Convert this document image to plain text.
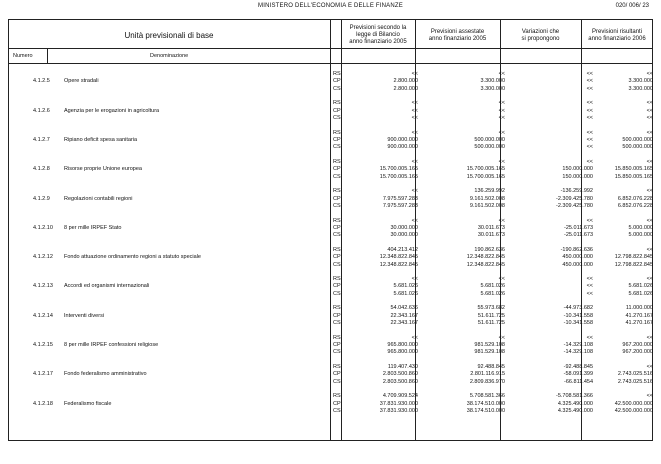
MINISTERO DELL'ECONOMIA E DELLE FINANZE	020/ 006/ 23
Unità previsionali di base
Numero	Denominazione
Previsioni secondo la
legge di Bilancio
anno finanziario 2005
Previsioni assestate
anno finanziario 2005
Variazioni che
si propongono
Previsioni risultanti
anno finanziario 2006
4.1.2.5	Opere stradali
RS	<<	<<	<<	<<
CP	2.800.000	3.300.000	<<	3.300.000
CS	2.800.000	3.300.000	<<	3.300.000
4.1.2.6	Agenzia per le erogazioni in agricoltura
RS	<<	<<	<<	<<
CP	<<	<<	<<	<<
CS	<<	<<	<<	<<
4.1.2.7	Ripiano deficit spesa sanitaria
RS	<<	<<	<<	<<
CP	900.000.000	500.000.000	<<	500.000.000
CS	900.000.000	500.000.000	<<	500.000.000
4.1.2.8	Risorse proprie Unione europea
RS	<<	<<	<<	<<
CP	15.700.005.165	15.700.005.165	150.000.000	15.850.005.165
CS	15.700.005.165	15.700.005.165	150.000.000	15.850.005.165
4.1.2.9	Regolazioni contabili regioni
RS	<<	136.259.992	-136.259.992	<<
CP	7.975.597.283	9.161.502.008	-2.309.425.780	6.852.076.228
CS	7.975.597.283	9.161.502.008	-2.309.425.780	6.852.076.228
4.1.2.10 8 per mille IRPEF Stato
RS	<<	<<	<<	<<
CP	30.000.000	30.011.673	-25.011.673	5.000.000
CS	30.000.000	30.011.673	-25.011.673	5.000.000
4.1.2.12 Fondo attuazione ordinamento regioni a statuto speciale
RS	404.213.412	190.862.636	-190.862.636	<<
CP	12.348.822.845	12.348.822.845	450.000.000	12.798.822.845
CS	12.348.822.845	12.348.822.845	450.000.000	12.798.822.845
4.1.2.13 Accordi ed organismi internazionali
RS	<<	<<	<<	<<
CP	5.681.026	5.681.026	<<	5.681.026
CS	5.681.026	5.681.026	<<	5.681.026
4.1.2.14 Interventi diversi
RS	54.042.636	55.973.682	-44.973.682	11.000.000
CP	22.343.167	51.611.725	-10.341.558	41.270.167
CS	22.343.167	51.611.725	-10.341.558	41.270.167
4.1.2.15 8 per mille IRPEF confessioni religiose
RS	<<	<<	<<	<<
CP	965.800.000	981.529.108	-14.329.108	967.200.000
CS	965.800.000	981.529.108	-14.329.108	967.200.000
4.1.2.17 Fondo federalismo amministrativo
RS	119.407.430	92.488.845	-92.488.845	<<
CP	2.803.500.860	2.801.116.915	-58.091.399	2.743.025.516
CS	2.803.500.860	2.809.836.970	-66.811.454	2.743.025.516
4.1.2.18 Federalismo fiscale
RS	4.709.909.524	5.708.581.366	-5.708.581.366	<<
CP	37.831.930.000	38.174.510.000	4.325.490.000	42.500.000.000
CS	37.831.930.000	38.174.510.000	4.325.490.000	42.500.000.000
